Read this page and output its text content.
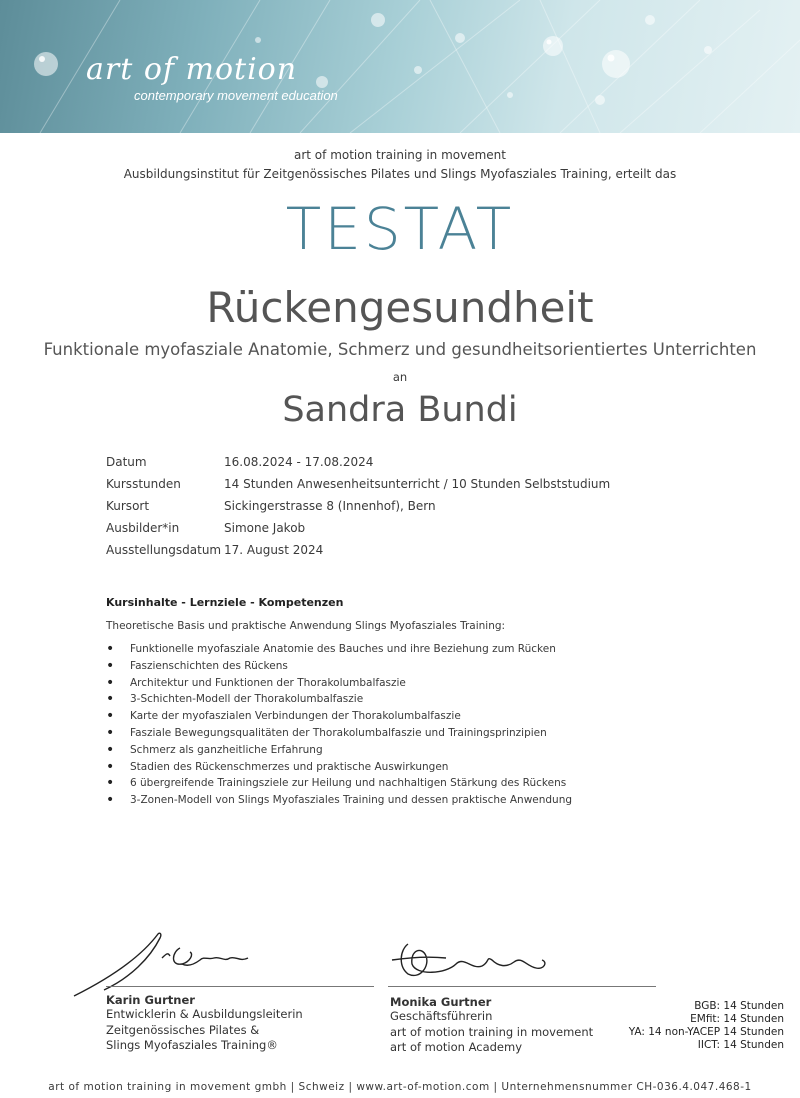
art of motion
contemporary movement education
art of motion training in movement
Ausbildungsinstitut für Zeitgenössisches Pilates und Slings Myofasziales Training, erteilt das
TESTAT
Rückengesundheit
Funktionale myofasziale Anatomie, Schmerz und gesundheitsorientiertes Unterrichten
an
Sandra Bundi
Datum	16.08.2024 - 17.08.2024
Kursstunden	14 Stunden Anwesenheitsunterricht / 10 Stunden Selbststudium
Kursort	Sickingerstrasse 8 (Innenhof), Bern
Ausbilder*in	Simone Jakob
Ausstellungsdatum 17. August 2024
Kursinhalte - Lernziele - Kompetenzen
Theoretische Basis und praktische Anwendung Slings Myofasziales Training:
• Funktionelle myofasziale Anatomie des Bauches und ihre Beziehung zum Rücken
• Faszienschichten des Rückens
• Architektur und Funktionen der Thorakolumbalfaszie
• 3-Schichten-Modell der Thorakolumbalfaszie
• Karte der myofaszialen Verbindungen der Thorakolumbalfaszie
• Fasziale Bewegungsqualitäten der Thorakolumbalfaszie und Trainingsprinzipien
• Schmerz als ganzheitliche Erfahrung
• Stadien des Rückenschmerzes und praktische Auswirkungen
• 6 übergreifende Trainingsziele zur Heilung und nachhaltigen Stärkung des Rückens
• 3-Zonen-Modell von Slings Myofasziales Training und dessen praktische Anwendung
Karin Gurtner
Entwicklerin & Ausbildungsleiterin
Zeitgenössisches Pilates &
Slings Myofasziales Training®
Monika Gurtner
Geschäftsführerin
art of motion training in movement
art of motion Academy
BGB: 14 Stunden
EMfit: 14 Stunden
YA: 14 non-YACEP 14 Stunden
IICT: 14 Stunden
art of motion training in movement gmbh | Schweiz | www.art-of-motion.com | Unternehmensnummer CH-036.4.047.468-1
